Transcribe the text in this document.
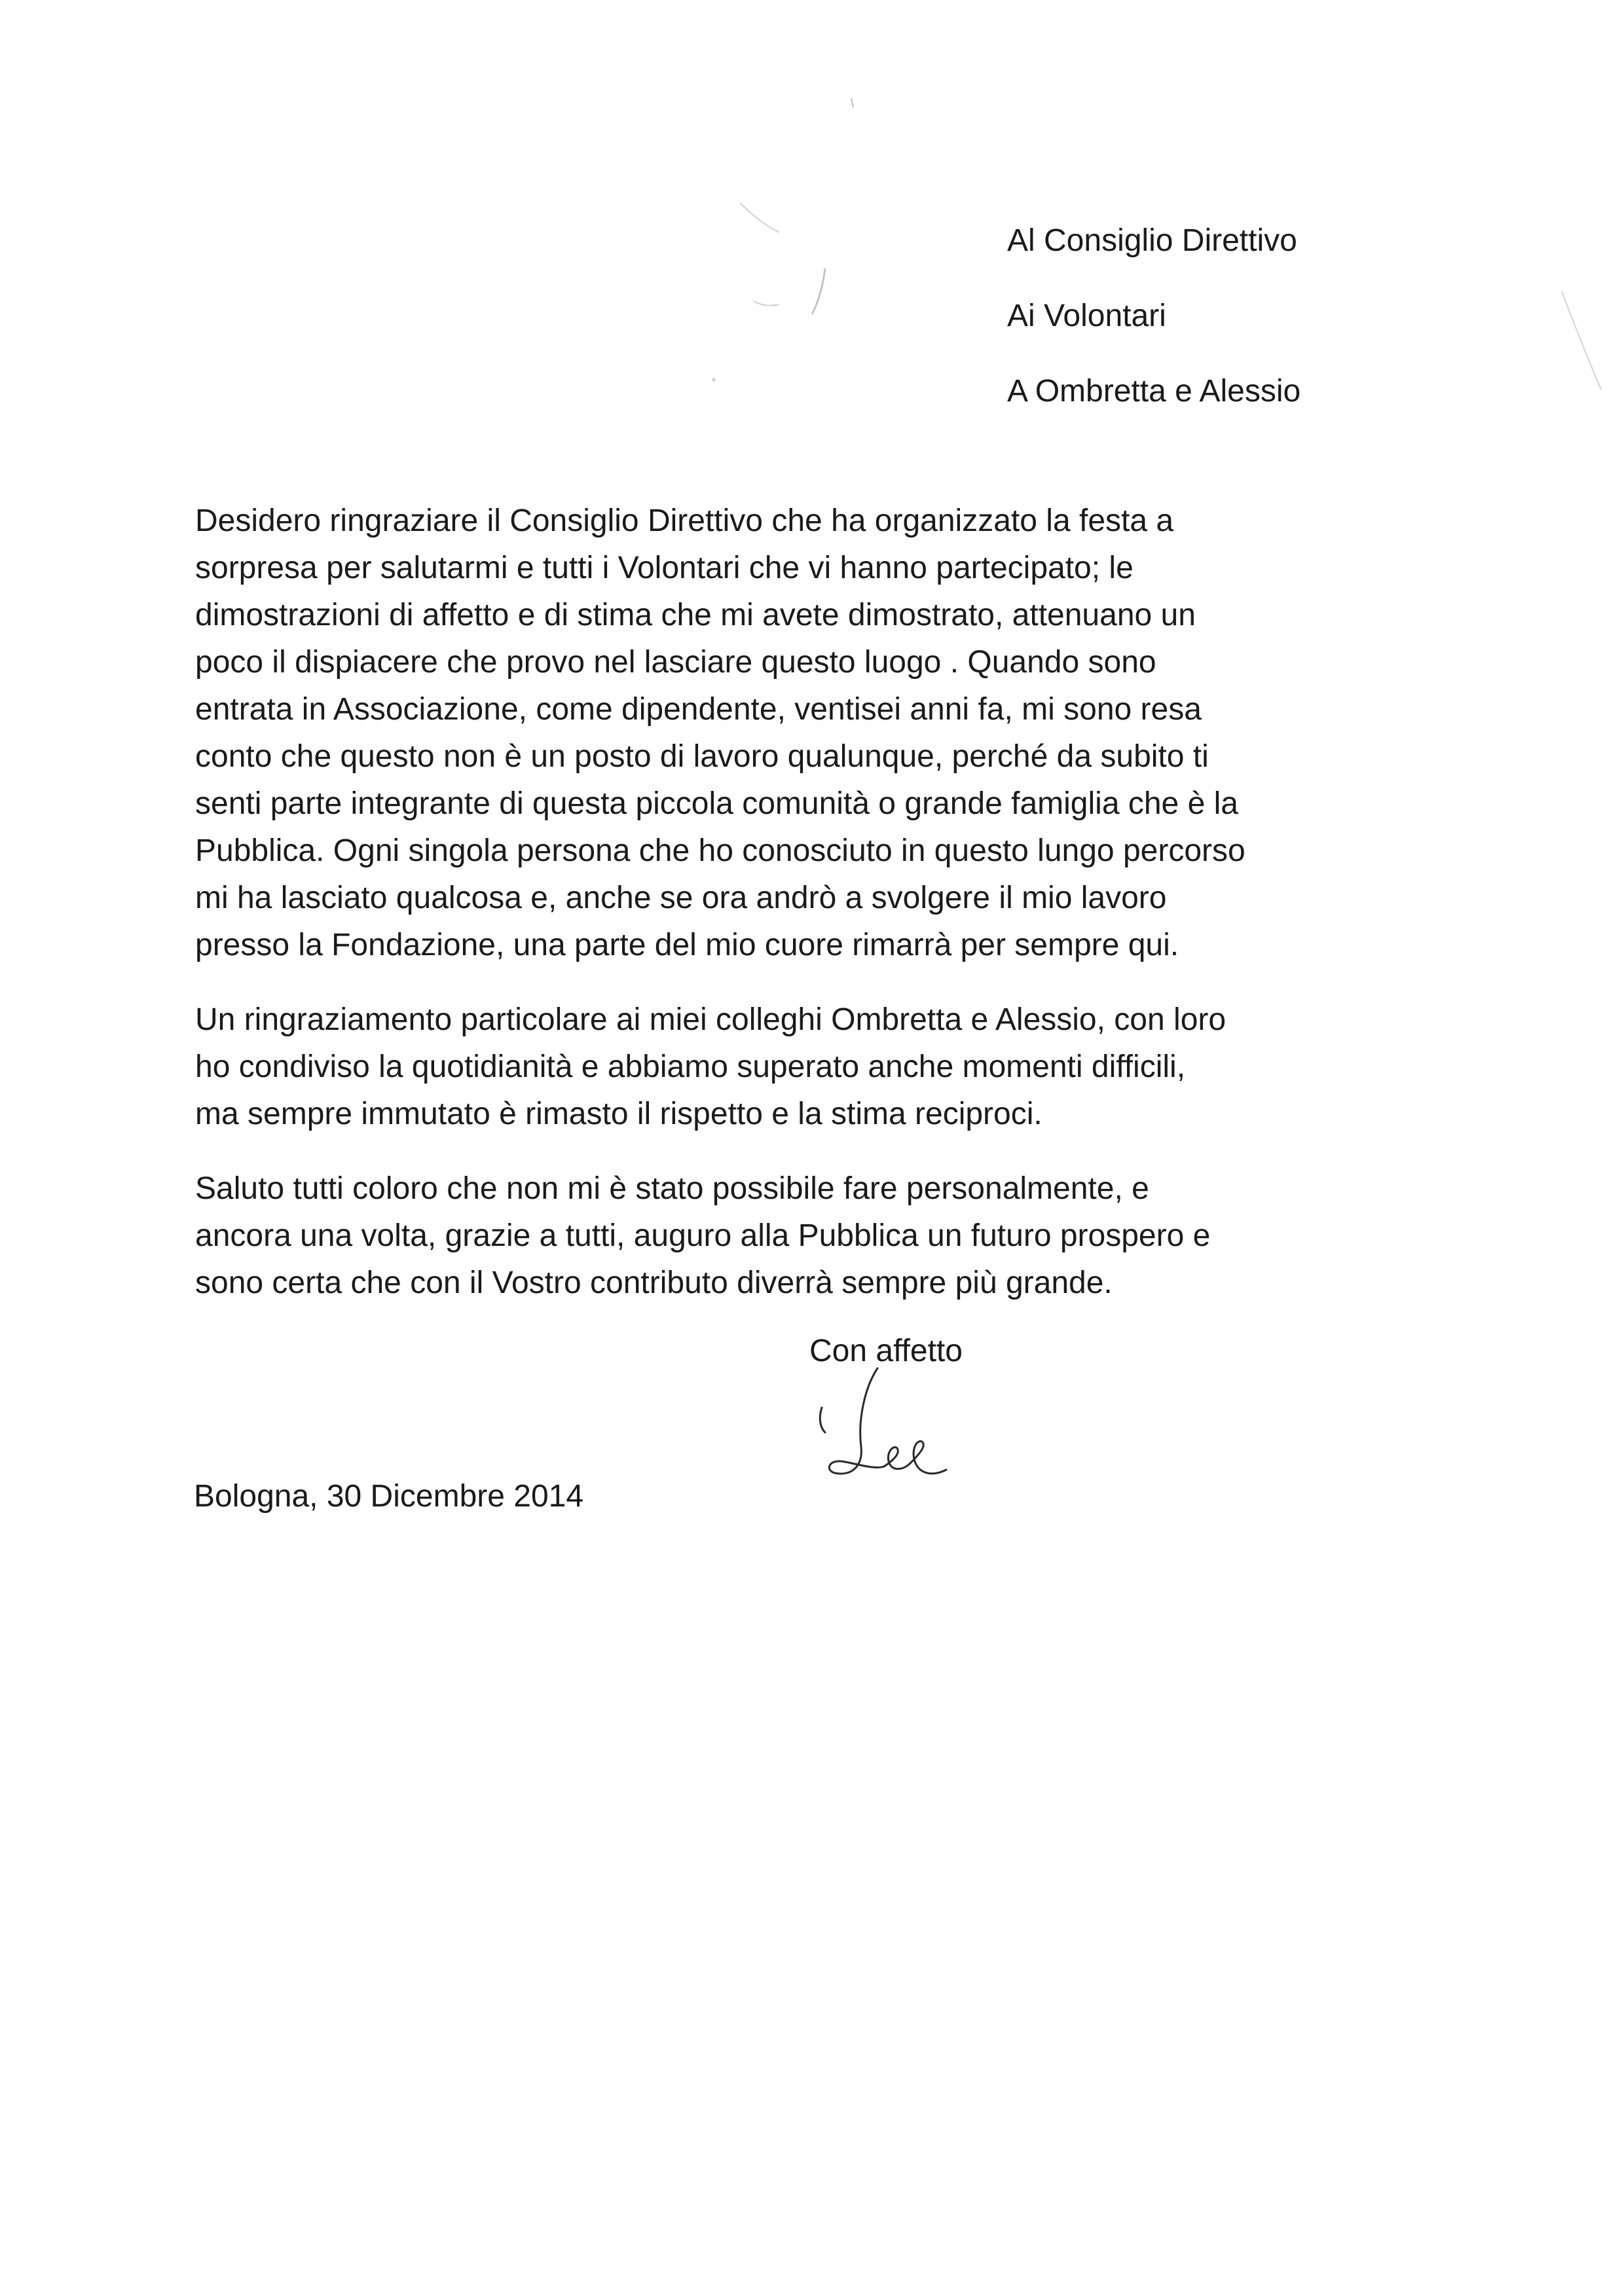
Al Consiglio Direttivo
Ai Volontari
A Ombretta e Alessio

Desidero ringraziare il Consiglio Direttivo che ha organizzato la festa a
sorpresa per salutarmi e tutti i Volontari che vi hanno partecipato; le
dimostrazioni di affetto e di stima che mi avete dimostrato, attenuano un
poco il dispiacere che provo nel lasciare questo luogo . Quando sono
entrata in Associazione, come dipendente, ventisei anni fa, mi sono resa
conto che questo non è un posto di lavoro qualunque, perché da subito ti
senti parte integrante di questa piccola comunità o grande famiglia che è la
Pubblica. Ogni singola persona che ho conosciuto in questo lungo percorso
mi ha lasciato qualcosa e, anche se ora andrò a svolgere il mio lavoro
presso la Fondazione, una parte del mio cuore rimarrà per sempre qui.

Un ringraziamento particolare ai miei colleghi Ombretta e Alessio, con loro
ho condiviso la quotidianità e abbiamo superato anche momenti difficili,
ma sempre immutato è rimasto il rispetto e la stima reciproci.

Saluto tutti coloro che non mi è stato possibile fare personalmente, e
ancora una volta, grazie a tutti, auguro alla Pubblica un futuro prospero e
sono certa che con il Vostro contributo diverrà sempre più grande.

Con affetto
Bologna, 30 Dicembre 2014
